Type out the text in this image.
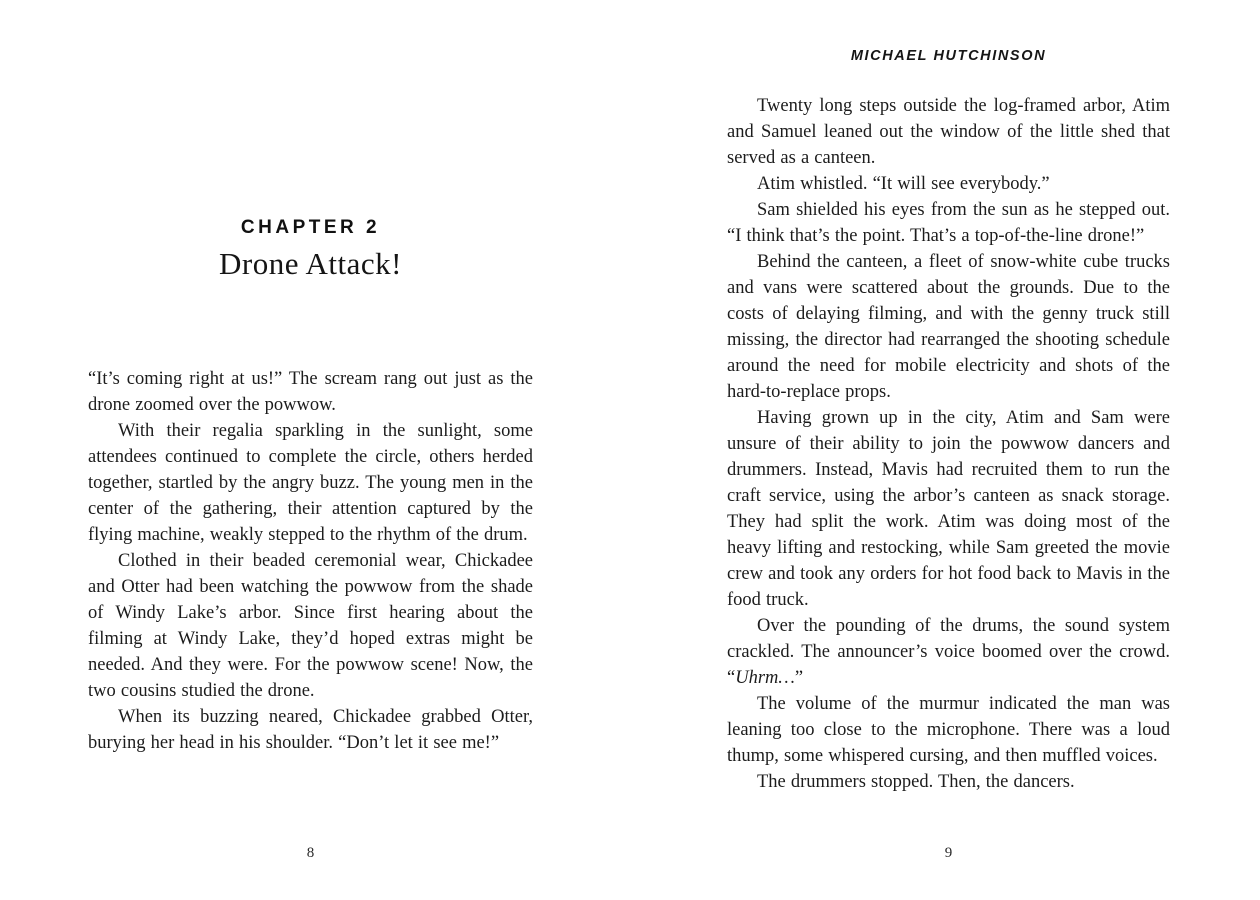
CHAPTER 2
Drone Attack!

“It’s coming right at us!” The scream rang out just as the drone zoomed over the powwow.

With their regalia sparkling in the sunlight, some attendees continued to complete the circle, others herded together, startled by the angry buzz. The young men in the center of the gathering, their attention captured by the flying machine, weakly stepped to the rhythm of the drum.

Clothed in their beaded ceremonial wear, Chickadee and Otter had been watching the powwow from the shade of Windy Lake’s arbor. Since first hearing about the filming at Windy Lake, they’d hoped extras might be needed. And they were. For the powwow scene! Now, the two cousins studied the drone.

When its buzzing neared, Chickadee grabbed Otter, burying her head in his shoulder. “Don’t let it see me!”

8
MICHAEL HUTCHINSON

Twenty long steps outside the log-framed arbor, Atim and Samuel leaned out the window of the little shed that served as a canteen.

Atim whistled. “It will see everybody.”

Sam shielded his eyes from the sun as he stepped out. “I think that’s the point. That’s a top-of-the-line drone!”

Behind the canteen, a fleet of snow-white cube trucks and vans were scattered about the grounds. Due to the costs of delaying filming, and with the genny truck still missing, the director had rearranged the shooting schedule around the need for mobile electricity and shots of the hard-to-replace props.

Having grown up in the city, Atim and Sam were unsure of their ability to join the powwow dancers and drummers. Instead, Mavis had recruited them to run the craft service, using the arbor’s canteen as snack storage. They had split the work. Atim was doing most of the heavy lifting and restocking, while Sam greeted the movie crew and took any orders for hot food back to Mavis in the food truck.

Over the pounding of the drums, the sound system crackled. The announcer’s voice boomed over the crowd. “Uhrm…”

The volume of the murmur indicated the man was leaning too close to the microphone. There was a loud thump, some whispered cursing, and then muffled voices.

The drummers stopped. Then, the dancers.

9
